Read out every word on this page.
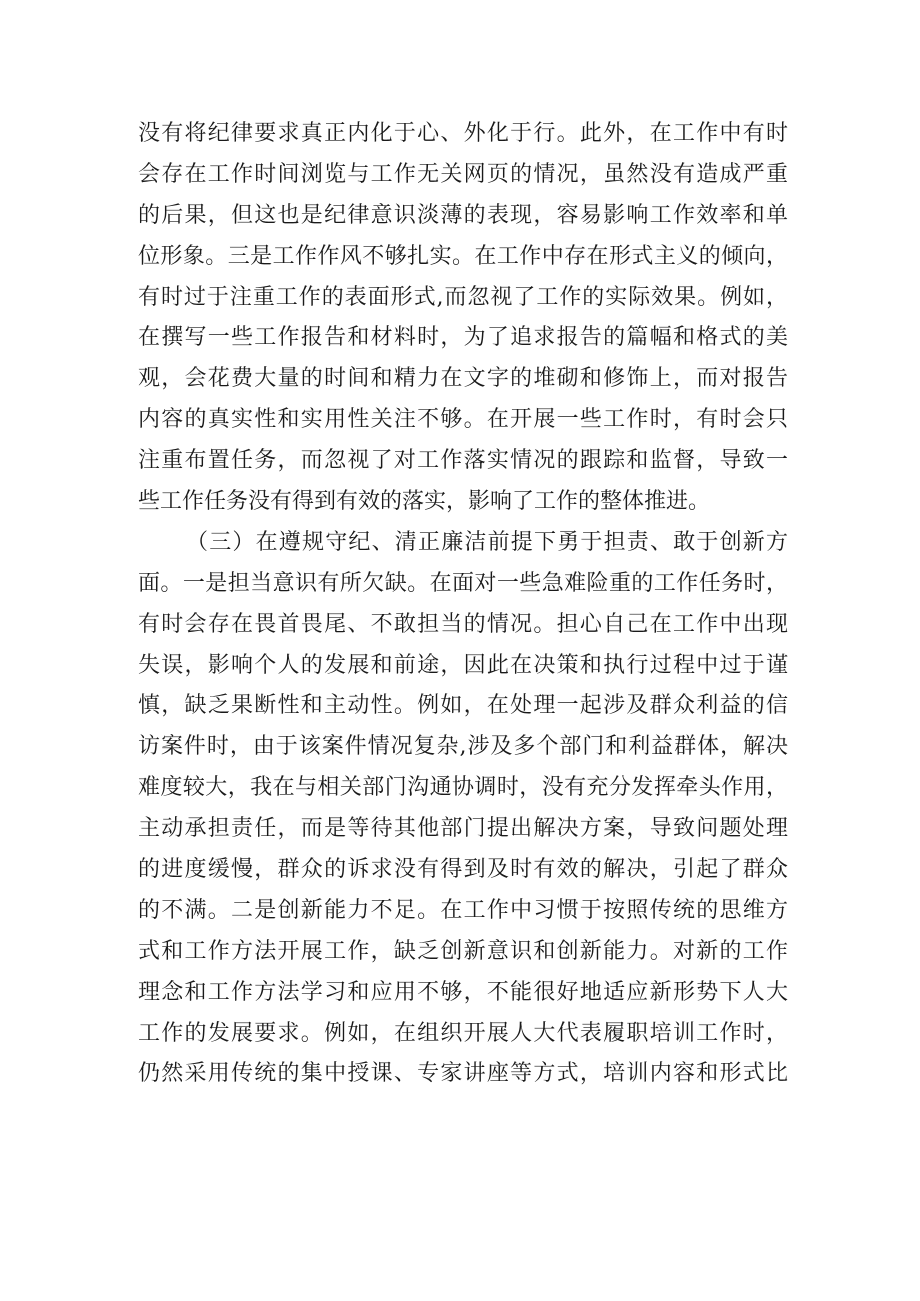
没有将纪律要求真正内化于心、外化于行。此外，在工作中有时
会存在工作时间浏览与工作无关网页的情况，虽然没有造成严重
的后果，但这也是纪律意识淡薄的表现，容易影响工作效率和单
位形象。三是工作作风不够扎实。在工作中存在形式主义的倾向，
有时过于注重工作的表面形式,而忽视了工作的实际效果。例如，
在撰写一些工作报告和材料时，为了追求报告的篇幅和格式的美
观，会花费大量的时间和精力在文字的堆砌和修饰上，而对报告
内容的真实性和实用性关注不够。在开展一些工作时，有时会只
注重布置任务，而忽视了对工作落实情况的跟踪和监督，导致一
些工作任务没有得到有效的落实，影响了工作的整体推进。
（三）在遵规守纪、清正廉洁前提下勇于担责、敢于创新方
面。一是担当意识有所欠缺。在面对一些急难险重的工作任务时，
有时会存在畏首畏尾、不敢担当的情况。担心自己在工作中出现
失误，影响个人的发展和前途，因此在决策和执行过程中过于谨
慎，缺乏果断性和主动性。例如，在处理一起涉及群众利益的信
访案件时，由于该案件情况复杂,涉及多个部门和利益群体，解决
难度较大，我在与相关部门沟通协调时，没有充分发挥牵头作用，
主动承担责任，而是等待其他部门提出解决方案，导致问题处理
的进度缓慢，群众的诉求没有得到及时有效的解决，引起了群众
的不满。二是创新能力不足。在工作中习惯于按照传统的思维方
式和工作方法开展工作，缺乏创新意识和创新能力。对新的工作
理念和工作方法学习和应用不够，不能很好地适应新形势下人大
工作的发展要求。例如，在组织开展人大代表履职培训工作时，
仍然采用传统的集中授课、专家讲座等方式，培训内容和形式比
